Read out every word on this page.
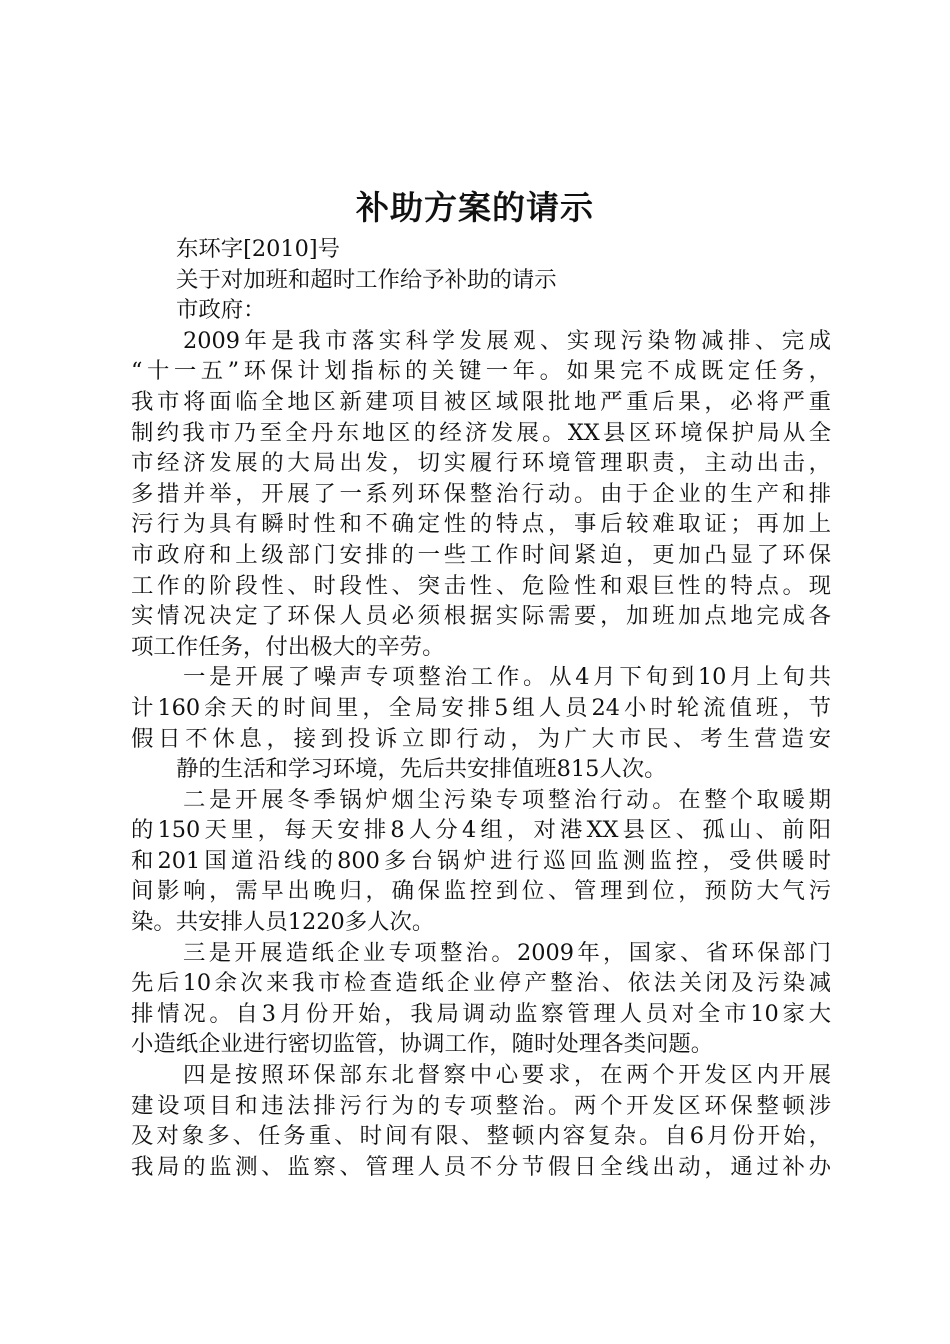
补助方案的请示
东环字[2010]号
关于对加班和超时工作给予补助的请示
市政府：
2009年是我市落实科学发展观、实现污染物减排、完成
“十一五”环保计划指标的关键一年。如果完不成既定任务，
我市将面临全地区新建项目被区域限批地严重后果，必将严重
制约我市乃至全丹东地区的经济发展。XX县区环境保护局从全
市经济发展的大局出发，切实履行环境管理职责，主动出击，
多措并举，开展了一系列环保整治行动。由于企业的生产和排
污行为具有瞬时性和不确定性的特点，事后较难取证；再加上
市政府和上级部门安排的一些工作时间紧迫，更加凸显了环保
工作的阶段性、时段性、突击性、危险性和艰巨性的特点。现
实情况决定了环保人员必须根据实际需要，加班加点地完成各
项工作任务，付出极大的辛劳。
一是开展了噪声专项整治工作。从4月下旬到10月上旬共
计160余天的时间里，全局安排5组人员24小时轮流值班，节
假日不休息，接到投诉立即行动，为广大市民、考生营造安
静的生活和学习环境，先后共安排值班815人次。
二是开展冬季锅炉烟尘污染专项整治行动。在整个取暖期
的150天里，每天安排8人分4组，对港XX县区、孤山、前阳
和201国道沿线的800多台锅炉进行巡回监测监控，受供暖时
间影响，需早出晚归，确保监控到位、管理到位，预防大气污
染。共安排人员1220多人次。
三是开展造纸企业专项整治。2009年，国家、省环保部门
先后10余次来我市检查造纸企业停产整治、依法关闭及污染减
排情况。自3月份开始，我局调动监察管理人员对全市10家大
小造纸企业进行密切监管，协调工作，随时处理各类问题。
四是按照环保部东北督察中心要求，在两个开发区内开展
建设项目和违法排污行为的专项整治。两个开发区环保整顿涉
及对象多、任务重、时间有限、整顿内容复杂。自6月份开始，
我局的监测、监察、管理人员不分节假日全线出动，通过补办
